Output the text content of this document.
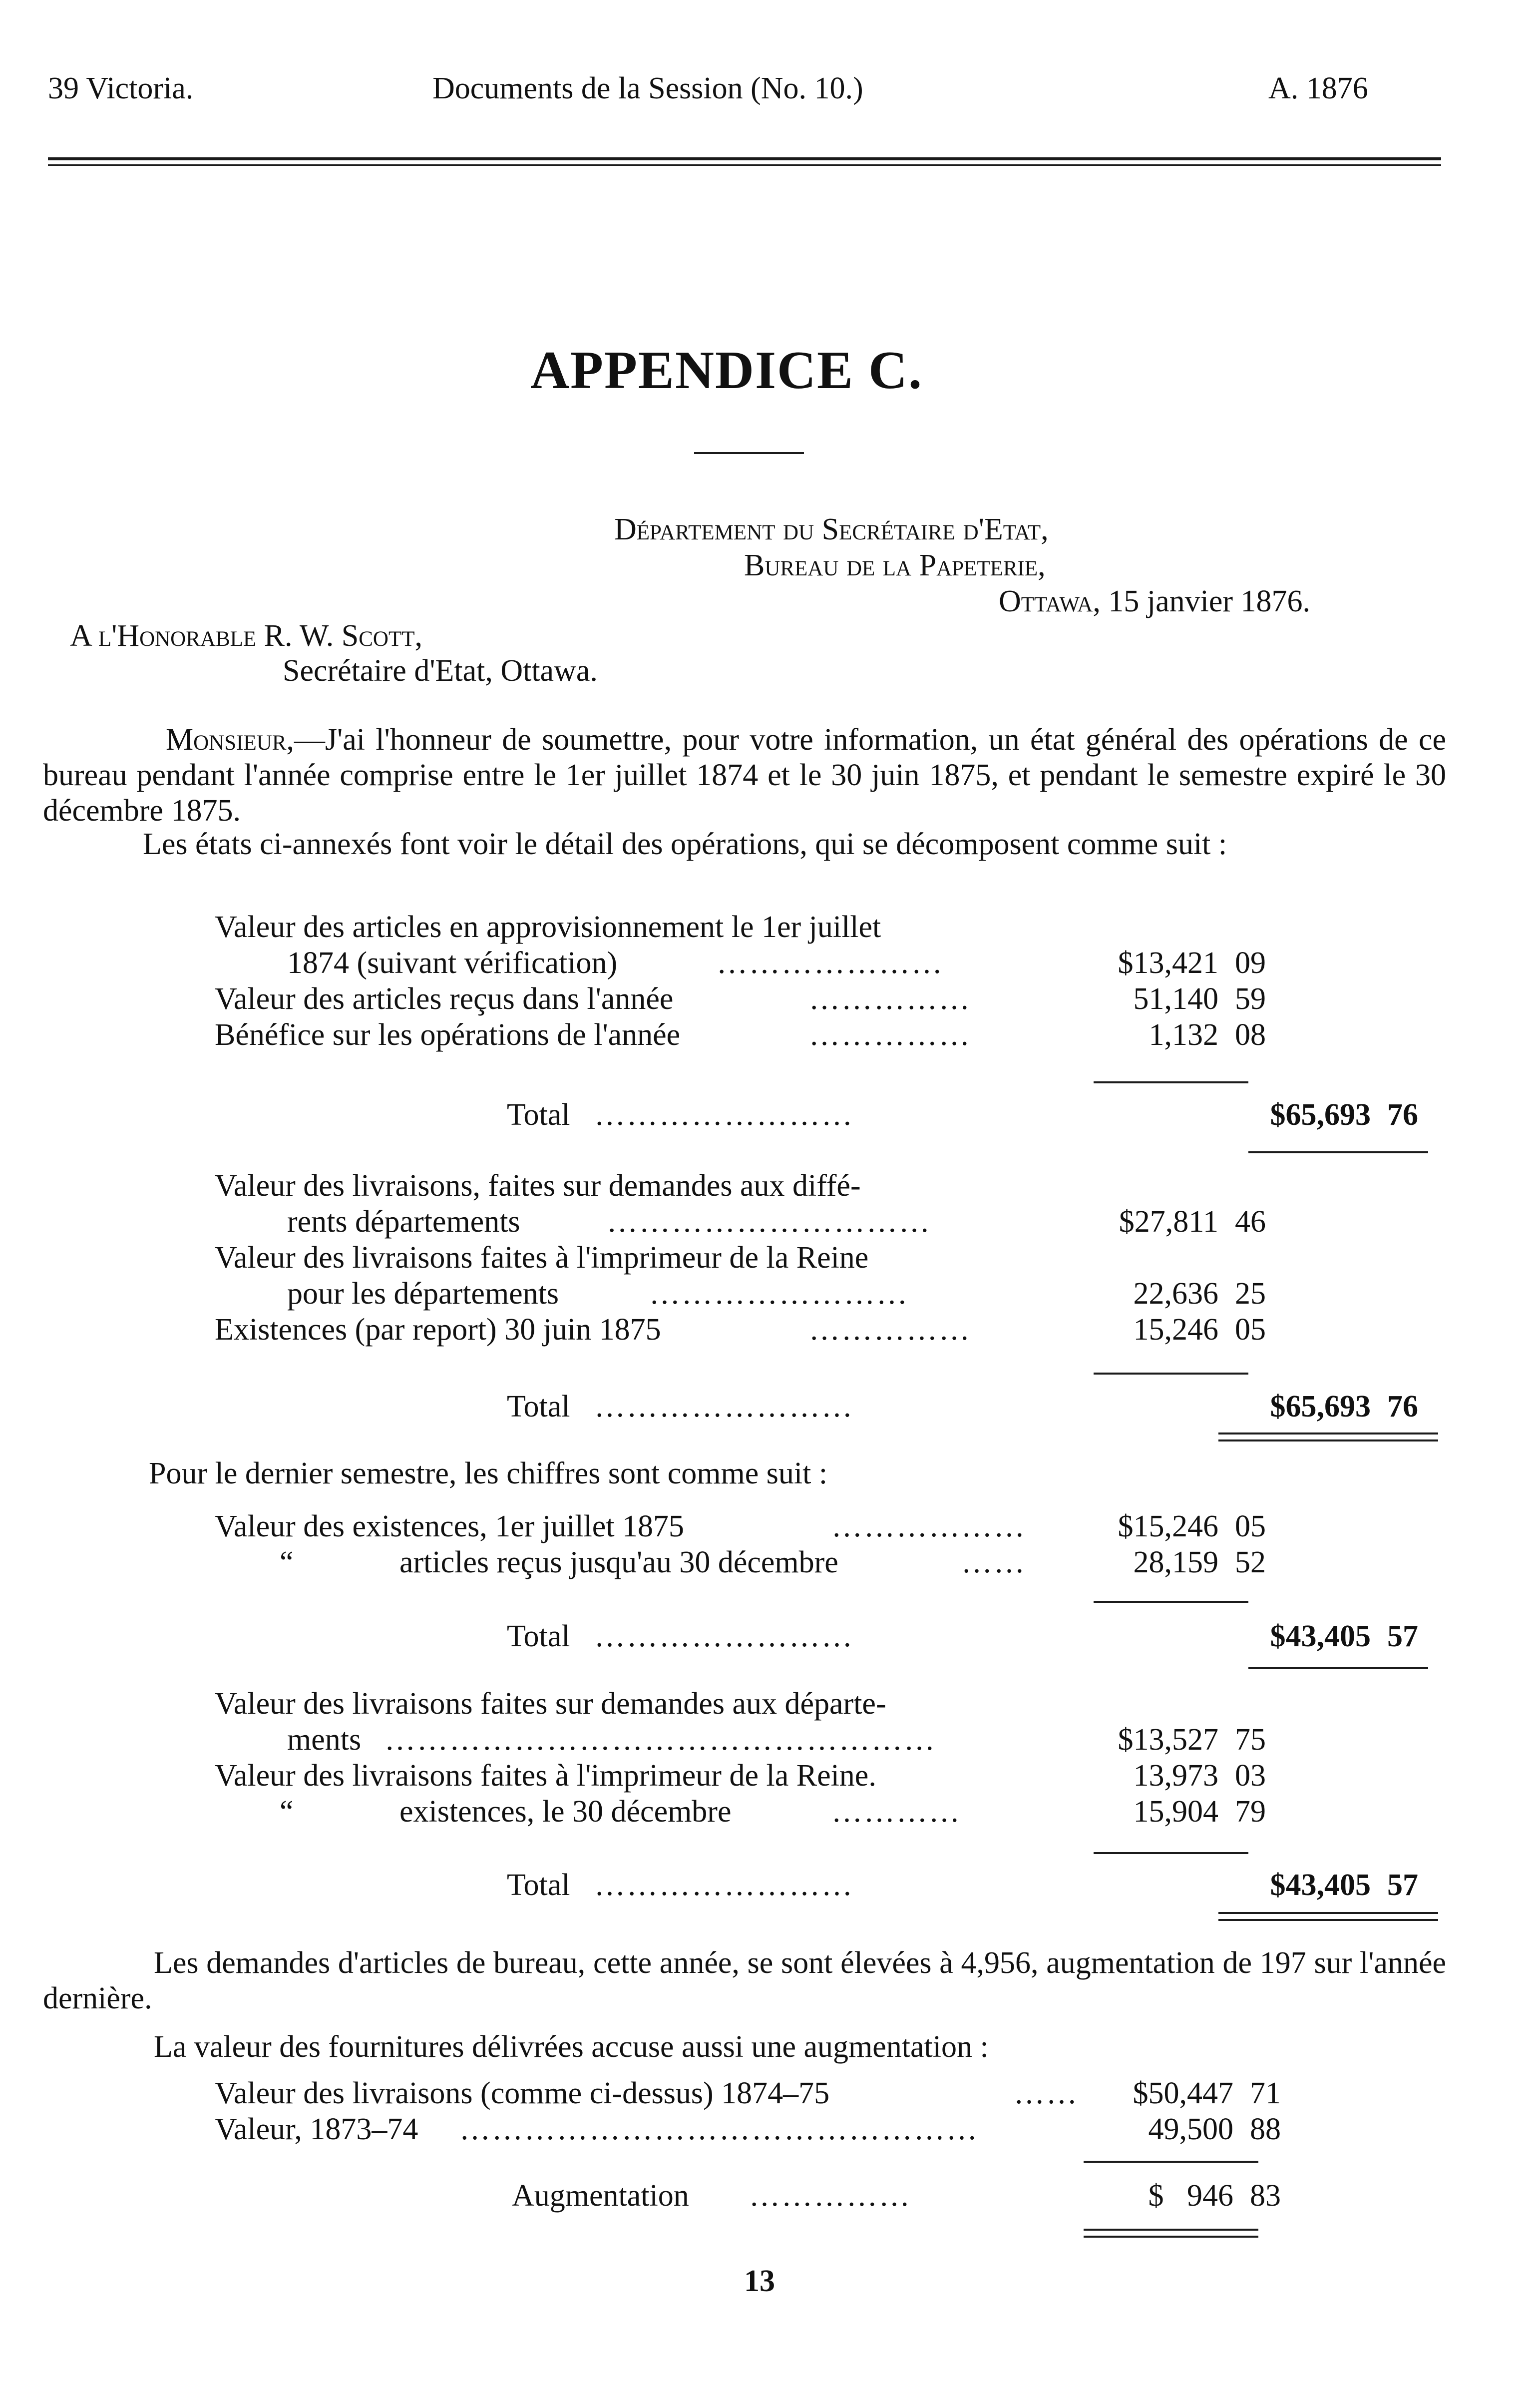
39 Victoria.	Documents de la Session (No. 10.)	A. 1876
APPENDICE C.
Département du Secrétaire d'Etat,
Bureau de la Papeterie,
Ottawa, 15 janvier 1876.
A l'Honorable R. W. Scott,
Secrétaire d'Etat, Ottawa.
Monsieur,—J'ai l'honneur de soumettre, pour votre information, un état général des opérations de ce bureau pendant l'année comprise entre le 1er juillet 1874 et le 30 juin 1875, et pendant le semestre expiré le 30 décembre 1875.
Les états ci-annexés font voir le détail des opérations, qui se décomposent comme suit :
Valeur des articles en approvisionnement le 1er juillet
1874 (suivant vérification)	…………………	$13,421 09
Valeur des articles reçus dans l'année	……………	51,140 59
Bénéfice sur les opérations de l'année	……………	1,132 08
Total ……………………	$65,693 76
Valeur des livraisons, faites sur demandes aux diffé-
rents départements	…………………………	$27,811 46
Valeur des livraisons faites à l'imprimeur de la Reine
pour les départements	……………………	22,636 25
Existences (par report) 30 juin 1875	……………	15,246 05
Total ……………………	$65,693 76
Pour le dernier semestre, les chiffres sont comme suit :
Valeur des existences, 1er juillet 1875	………………	$15,246 05
“	articles reçus jusqu'au 30 décembre	……	28,159 52
Total ……………………	$43,405 57
Valeur des livraisons faites sur demandes aux départe-
ments ……………………………………………	$13,527 75
Valeur des livraisons faites à l'imprimeur de la Reine.	13,973 03
“	existences, le 30 décembre	…………	15,904 79
Total ……………………	$43,405 57
Les demandes d'articles de bureau, cette année, se sont élevées à 4,956, augmentation de 197 sur l'année dernière.
La valeur des fournitures délivrées accuse aussi une augmentation :
Valeur des livraisons (comme ci-dessus) 1874–75	……	$50,447 71
Valeur, 1873–74 …………………………………………	49,500 88
Augmentation ……………	$   946 83
13
